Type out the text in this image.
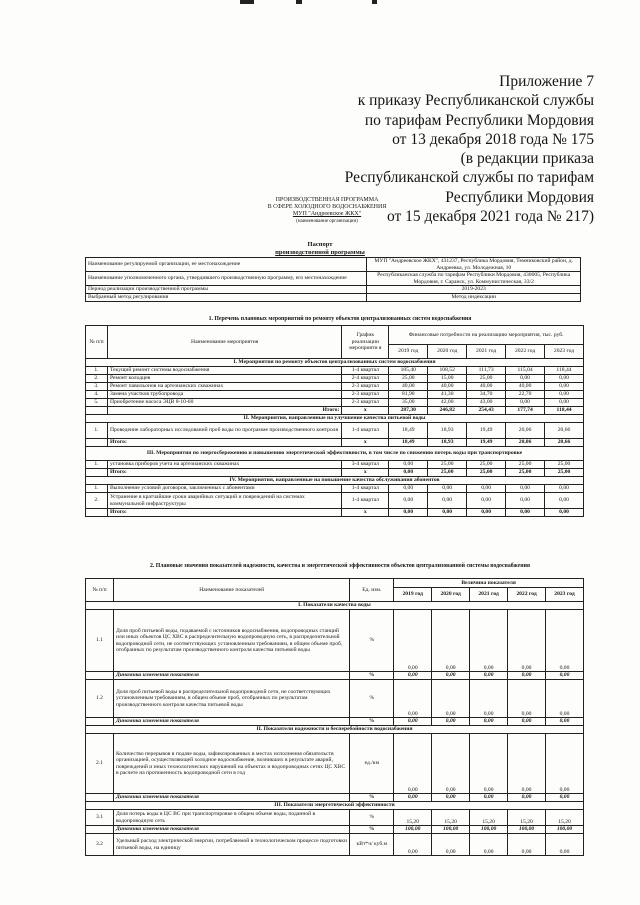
Приложение 7
к приказу Республиканской службы
по тарифам Республики Мордовия
от 13 декабря 2018 года № 175
(в редакции приказа
Республиканской службы по тарифам
Республики Мордовия
от 15 декабря 2021 года № 217)
ПРОИЗВОДСТВЕННАЯ ПРОГРАММА
В СФЕРЕ ХОЛОДНОГО ВОДОСНАБЖЕНИЯ
МУП "Андреевское ЖКХ"
(наименование организации)
Паспорт
производственной программы
Наименование регулируемой организации, ее местонахождение	МУП "Андреевское ЖКХ", 431237, Республика Мордовия, Темниковский район, д. Андреевка, ул. Молодежная, 10
Наименование уполномоченного органа, утвердившего производственную программу, его местонахождение	Республиканская служба по тарифам Республики Мордовия, 430005, Республика Мордовия, г. Саранск, ул. Коммунистическая, 33/2
Период реализации производственной программы	2019-2023
Выбранный метод регулирования	Метод индексации
1. Перечень плановых мероприятий по ремонту объектов централизованных систем водоснабжения
№ п/п	Наименование мероприятия	График реализации мероприяти я	Финансовые потребности на реализацию мероприятия, тыс. руб.				
			2019 год	2020 год	2021 год	2022 год	2023 год
I. Мероприятия по ремонту объектов централизованных систем водоснабжения							
1.	Текущий ремонт системы водоснабжения	1-4 квартал	105,40	108,52	111,73	115,04	118,44
2.	Ремонт колодцев	2-4 квартал	25,00	15,00	25,00	0,00	0,00
3.	Ремонт павильонов на артезианских скважинах	2-3 квартал	40,00	40,00	40,00	40,00	0,00
4.	Замена участков трубопровода	2-3 квартал	81,90	41,30	34,70	22,70	0,00
5.	Приобретение насоса ЭЦВ 8-10-60	2-3 квартал	35,00	42,00	43,00	0,00	0,00
	Итого:	х	287,30	246,82	254,43	177,74	118,44
II. Мероприятия, направленные на улучшение качества питьевой воды							
1.	Проведение лабораторных исследований проб воды по программе производственного контроля	1-4 квартал	18,49	18,93	19,49	20,06	20,66
	Итого:	х	18,49	18,93	19,49	20,06	20,66
III. Мероприятия по энергосбережению и повышению энергетической эффективности, в том числе по снижению потерь воды при транспортировке							
1.	установка приборов учета на артезианских скважинах	3-4 квартал	0,00	25,00	25,00	25,00	25,00
	Итого:	х	0,00	25,00	25,00	25,00	25,00
IV. Мероприятия, направленные на повышение качества обслуживания абонентов							
1.	Выполнение условий договоров, заключенных с абонентами	1-4 квартал	0,00	0,00	0,00	0,00	0,00
2.	Устранение в кратчайшие сроки аварийных ситуаций и повреждений на системах коммунальной инфраструктуры	1-4 квартал	0,00	0,00	0,00	0,00	0,00
	Итого:	х	0,00	0,00	0,00	0,00	0,00
2. Плановые значения показателей надежности, качества и энергетической эффективности объектов централизованной системы водоснабжения
№ п/п	Наименование показателей	Ед. изм.	Величина показателя				
			2019 год	2020 год	2021 год	2022 год	2023 год
I. Показатели качества воды							
1.1	Доля проб питьевой воды, подаваемой с источников водоснабжения, водопроводных станций или иных объектов ЦС ХВС в распределительную водопроводную сеть, в распределительной водопроводной сети, не соответствующих установленным требованиям, в общем объеме проб, отобранных по результатам производственного контроля качества питьевой воды	%	0,00	0,00	0,00	0,00	0,00
	Динамика изменения показателя	%	0,00	0,00	0,00	0,00	0,00
1.2	Доля проб питьевой воды в распределительной водопроводной сети, не соответствующих установленным требованиям, в общем объеме проб, отобранных по результатам производственного контроля качества питьевой воды	%	0,00	0,00	0,00	0,00	0,00
	Динамика изменения показателя	%	0,00	0,00	0,00	0,00	0,00
II. Показатели надежности и бесперебойности водоснабжения							
2.1	Количество перерывов в подаче воды, зафиксированных в местах исполнения обязательств организацией, осуществляющей холодное водоснабжение, возникших в результате аварий, повреждений и иных технологических нарушений на объектах и водопроводных сетях ЦС ХВС в расчете на протяженность водопроводной сети в год	ед./км	0,00	0,00	0,00	0,00	0,00
	Динамика изменения показателя	%	0,00	0,00	0,00	0,00	0,00
III. Показатели энергетической эффективности							
3.1	Доля потерь воды в ЦС ВС при транспортировке в общем объеме воды, поданной в водопроводную сеть	%	15,20	15,20	15,20	15,20	15,20
	Динамика изменения показателя	%	100,00	100,00	100,00	100,00	100,00
3.2	Удельный расход электрической энергии, потребляемой в технологическом процессе подготовки питьевой воды, на единицу	кВт*ч/ куб.м	0,00	0,00	0,00	0,00	0,00
